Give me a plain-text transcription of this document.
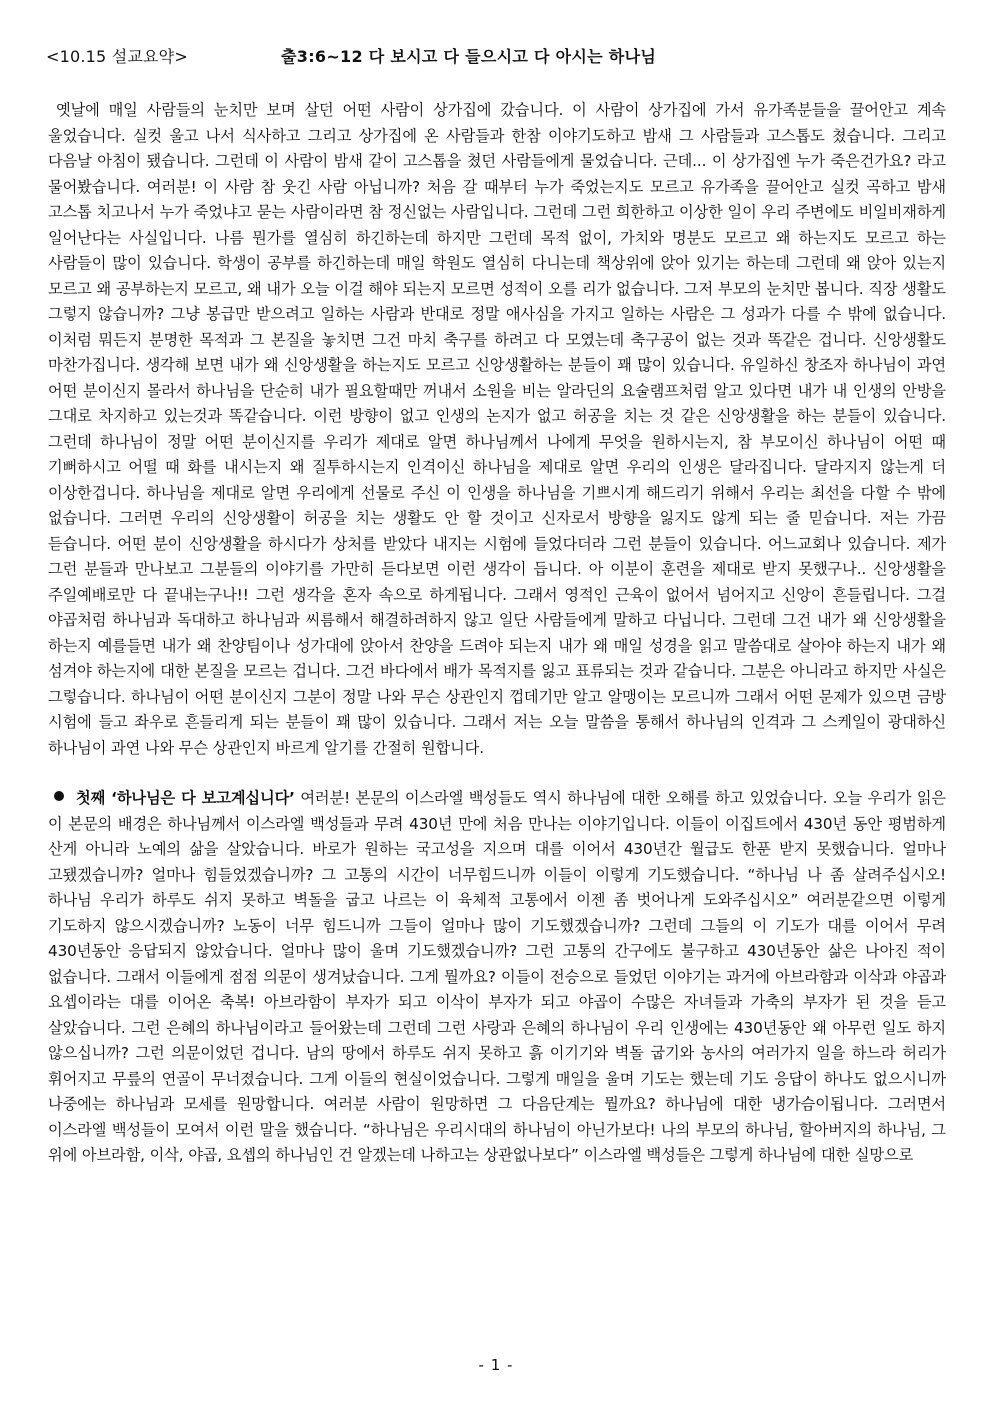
<10.15 설교요약>	출3:6~12 다 보시고 다 들으시고 다 아시는 하나님

옛날에 매일 사람들의 눈치만 보며 살던 어떤 사람이 상가집에 갔습니다. 이 사람이 상가집에 가서 유가족분들을 끌어안고 계속 울었습니다. 실컷 울고 나서 식사하고 그리고 상가집에 온 사람들과 한참 이야기도하고 밤새 그 사람들과 고스톱도 쳤습니다. 그리고 다음날 아침이 됐습니다. 그런데 이 사람이 밤새 같이 고스톱을 쳤던 사람들에게 물었습니다. 근데... 이 상가집엔 누가 죽은건가요? 라고 물어봤습니다. 여러분! 이 사람 참 웃긴 사람 아닙니까? 처음 갈 때부터 누가 죽었는지도 모르고 유가족을 끌어안고 실컷 곡하고 밤새 고스톱 치고나서 누가 죽었냐고 묻는 사람이라면 참 정신없는 사람입니다. 그런데 그런 희한하고 이상한 일이 우리 주변에도 비일비재하게 일어난다는 사실입니다. 나름 뭔가를 열심히 하긴하는데 하지만 그런데 목적 없이, 가치와 명분도 모르고 왜 하는지도 모르고 하는 사람들이 많이 있습니다. 학생이 공부를 하긴하는데 매일 학원도 열심히 다니는데 책상위에 앉아 있기는 하는데 그런데 왜 앉아 있는지 모르고 왜 공부하는지 모르고, 왜 내가 오늘 이걸 해야 되는지 모르면 성적이 오를 리가 없습니다. 그저 부모의 눈치만 봅니다. 직장 생활도 그렇지 않습니까? 그냥 봉급만 받으려고 일하는 사람과 반대로 정말 애사심을 가지고 일하는 사람은 그 성과가 다를 수 밖에 없습니다. 이처럼 뭐든지 분명한 목적과 그 본질을 놓치면 그건 마치 축구를 하려고 다 모였는데 축구공이 없는 것과 똑같은 겁니다. 신앙생활도 마찬가집니다. 생각해 보면 내가 왜 신앙생활을 하는지도 모르고 신앙생활하는 분들이 꽤 많이 있습니다. 유일하신 창조자 하나님이 과연 어떤 분이신지 몰라서 하나님을 단순히 내가 필요할때만 꺼내서 소원을 비는 알라딘의 요술램프처럼 알고 있다면 내가 내 인생의 안방을 그대로 차지하고 있는것과 똑같습니다. 이런 방향이 없고 인생의 논지가 없고 허공을 치는 것 같은 신앙생활을 하는 분들이 있습니다. 그런데 하나님이 정말 어떤 분이신지를 우리가 제대로 알면 하나님께서 나에게 무엇을 원하시는지, 참 부모이신 하나님이 어떤 때 기뻐하시고 어떨 때 화를 내시는지 왜 질투하시는지 인격이신 하나님을 제대로 알면 우리의 인생은 달라집니다. 달라지지 않는게 더 이상한겁니다. 하나님을 제대로 알면 우리에게 선물로 주신 이 인생을 하나님을 기쁘시게 해드리기 위해서 우리는 최선을 다할 수 밖에 없습니다. 그러면 우리의 신앙생활이 허공을 치는 생활도 안 할 것이고 신자로서 방향을 잃지도 않게 되는 줄 믿습니다. 저는 가끔 듣습니다. 어떤 분이 신앙생활을 하시다가 상처를 받았다 내지는 시험에 들었다더라 그런 분들이 있습니다. 어느교회나 있습니다. 제가 그런 분들과 만나보고 그분들의 이야기를 가만히 듣다보면 이런 생각이 듭니다. 아 이분이 훈련을 제대로 받지 못했구나.. 신앙생활을 주일예배로만 다 끝내는구나!! 그런 생각을 혼자 속으로 하게됩니다. 그래서 영적인 근육이 없어서 넘어지고 신앙이 흔들립니다. 그걸 야곱처럼 하나님과 독대하고 하나님과 씨름해서 해결하려하지 않고 일단 사람들에게 말하고 다닙니다. 그런데 그건 내가 왜 신앙생활을 하는지 예를들면 내가 왜 찬양팀이나 성가대에 앉아서 찬양을 드려야 되는지 내가 왜 매일 성경을 읽고 말씀대로 살아야 하는지 내가 왜 섬겨야 하는지에 대한 본질을 모르는 겁니다. 그건 바다에서 배가 목적지를 잃고 표류되는 것과 같습니다. 그분은 아니라고 하지만 사실은 그렇습니다. 하나님이 어떤 분이신지 그분이 정말 나와 무슨 상관인지 껍데기만 알고 알맹이는 모르니까 그래서 어떤 문제가 있으면 금방 시험에 들고 좌우로 흔들리게 되는 분들이 꽤 많이 있습니다. 그래서 저는 오늘 말씀을 통해서 하나님의 인격과 그 스케일이 광대하신 하나님이 과연 나와 무슨 상관인지 바르게 알기를 간절히 원합니다.

첫째 ‘하나님은 다 보고계십니다’ 여러분! 본문의 이스라엘 백성들도 역시 하나님에 대한 오해를 하고 있었습니다. 오늘 우리가 읽은 이 본문의 배경은 하나님께서 이스라엘 백성들과 무려 430년 만에 처음 만나는 이야기입니다. 이들이 이집트에서 430년 동안 평범하게 산게 아니라 노예의 삶을 살았습니다. 바로가 원하는 국고성을 지으며 대를 이어서 430년간 월급도 한푼 받지 못했습니다. 얼마나 고됐겠습니까? 얼마나 힘들었겠습니까? 그 고통의 시간이 너무힘드니까 이들이 이렇게 기도했습니다. “하나님 나 좀 살려주십시오! 하나님 우리가 하루도 쉬지 못하고 벽돌을 굽고 나르는 이 육체적 고통에서 이젠 좀 벗어나게 도와주십시오” 여러분같으면 이렇게 기도하지 않으시겠습니까? 노동이 너무 힘드니까 그들이 얼마나 많이 기도했겠습니까? 그런데 그들의 이 기도가 대를 이어서 무려 430년동안 응답되지 않았습니다. 얼마나 많이 울며 기도했겠습니까? 그런 고통의 간구에도 불구하고 430년동안 삶은 나아진 적이 없습니다. 그래서 이들에게 점점 의문이 생겨났습니다. 그게 뭘까요? 이들이 전승으로 들었던 이야기는 과거에 아브라함과 이삭과 야곱과 요셉이라는 대를 이어온 축복! 아브라함이 부자가 되고 이삭이 부자가 되고 야곱이 수많은 자녀들과 가축의 부자가 된 것을 듣고 살았습니다. 그런 은혜의 하나님이라고 들어왔는데 그런데 그런 사랑과 은혜의 하나님이 우리 인생에는 430년동안 왜 아무런 일도 하지 않으십니까? 그런 의문이었던 겁니다. 남의 땅에서 하루도 쉬지 못하고 흙 이기기와 벽돌 굽기와 농사의 여러가지 일을 하느라 허리가 휘어지고 무릎의 연골이 무너졌습니다. 그게 이들의 현실이었습니다. 그렇게 매일을 울며 기도는 했는데 기도 응답이 하나도 없으시니까 나중에는 하나님과 모세를 원망합니다. 여러분 사람이 원망하면 그 다음단계는 뭘까요? 하나님에 대한 냉가슴이됩니다. 그러면서 이스라엘 백성들이 모여서 이런 말을 했습니다. “하나님은 우리시대의 하나님이 아닌가보다! 나의 부모의 하나님, 할아버지의 하나님, 그 위에 아브라함, 이삭, 야곱, 요셉의 하나님인 건 알겠는데 나하고는 상관없나보다” 이스라엘 백성들은 그렇게 하나님에 대한 실망으로

- 1 -
